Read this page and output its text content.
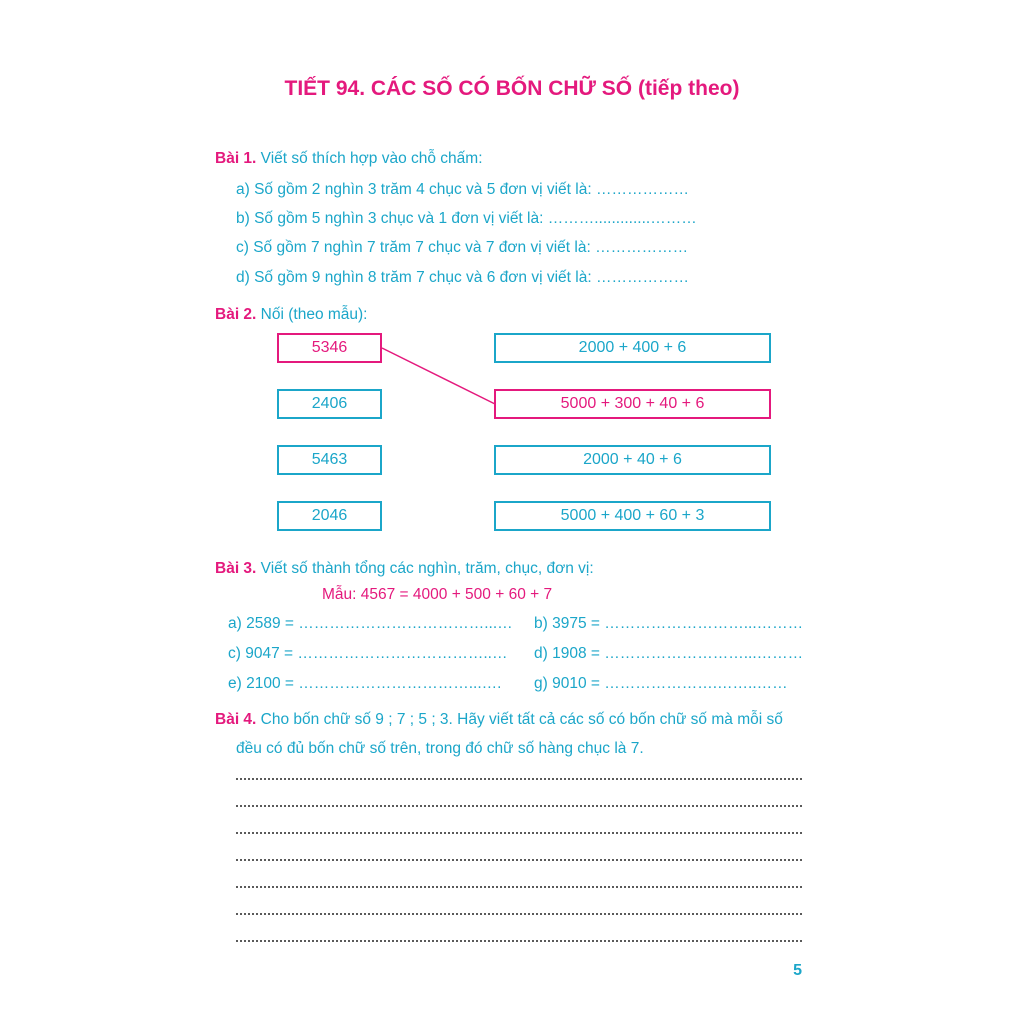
TIẾT 94. CÁC SỐ CÓ BỐN CHỮ SỐ (tiếp theo)
Bài 1. Viết số thích hợp vào chỗ chấm:
a) Số gồm 2 nghìn 3 trăm 4 chục và 5 đơn vị viết là: ………………
b) Số gồm 5 nghìn 3 chục và 1 đơn vị viết là: ……….............………
c) Số gồm 7 nghìn 7 trăm 7 chục và 7 đơn vị viết là: ………………
d) Số gồm 9 nghìn 8 trăm 7 chục và 6 đơn vị viết là: ………………
Bài 2. Nối (theo mẫu):
5346
2406
5463
2046
2000 + 400 + 6
5000 + 300 + 40 + 6
2000 + 40 + 6
5000 + 400 + 60 + 3
Bài 3. Viết số thành tổng các nghìn, trăm, chục, đơn vị:
Mẫu: 4567 = 4000 + 500 + 60 + 7
a) 2589 = ………………………………...… b) 3975 = ………………………...………
c) 9047 = ………………………………..… d) 1908 = ………………………...………
e) 2100 = ……………………………...…. g) 9010 = ………………….……..……
Bài 4. Cho bốn chữ số 9 ; 7 ; 5 ; 3. Hãy viết tất cả các số có bốn chữ số mà mỗi số
đều có đủ bốn chữ số trên, trong đó chữ số hàng chục là 7.
5
